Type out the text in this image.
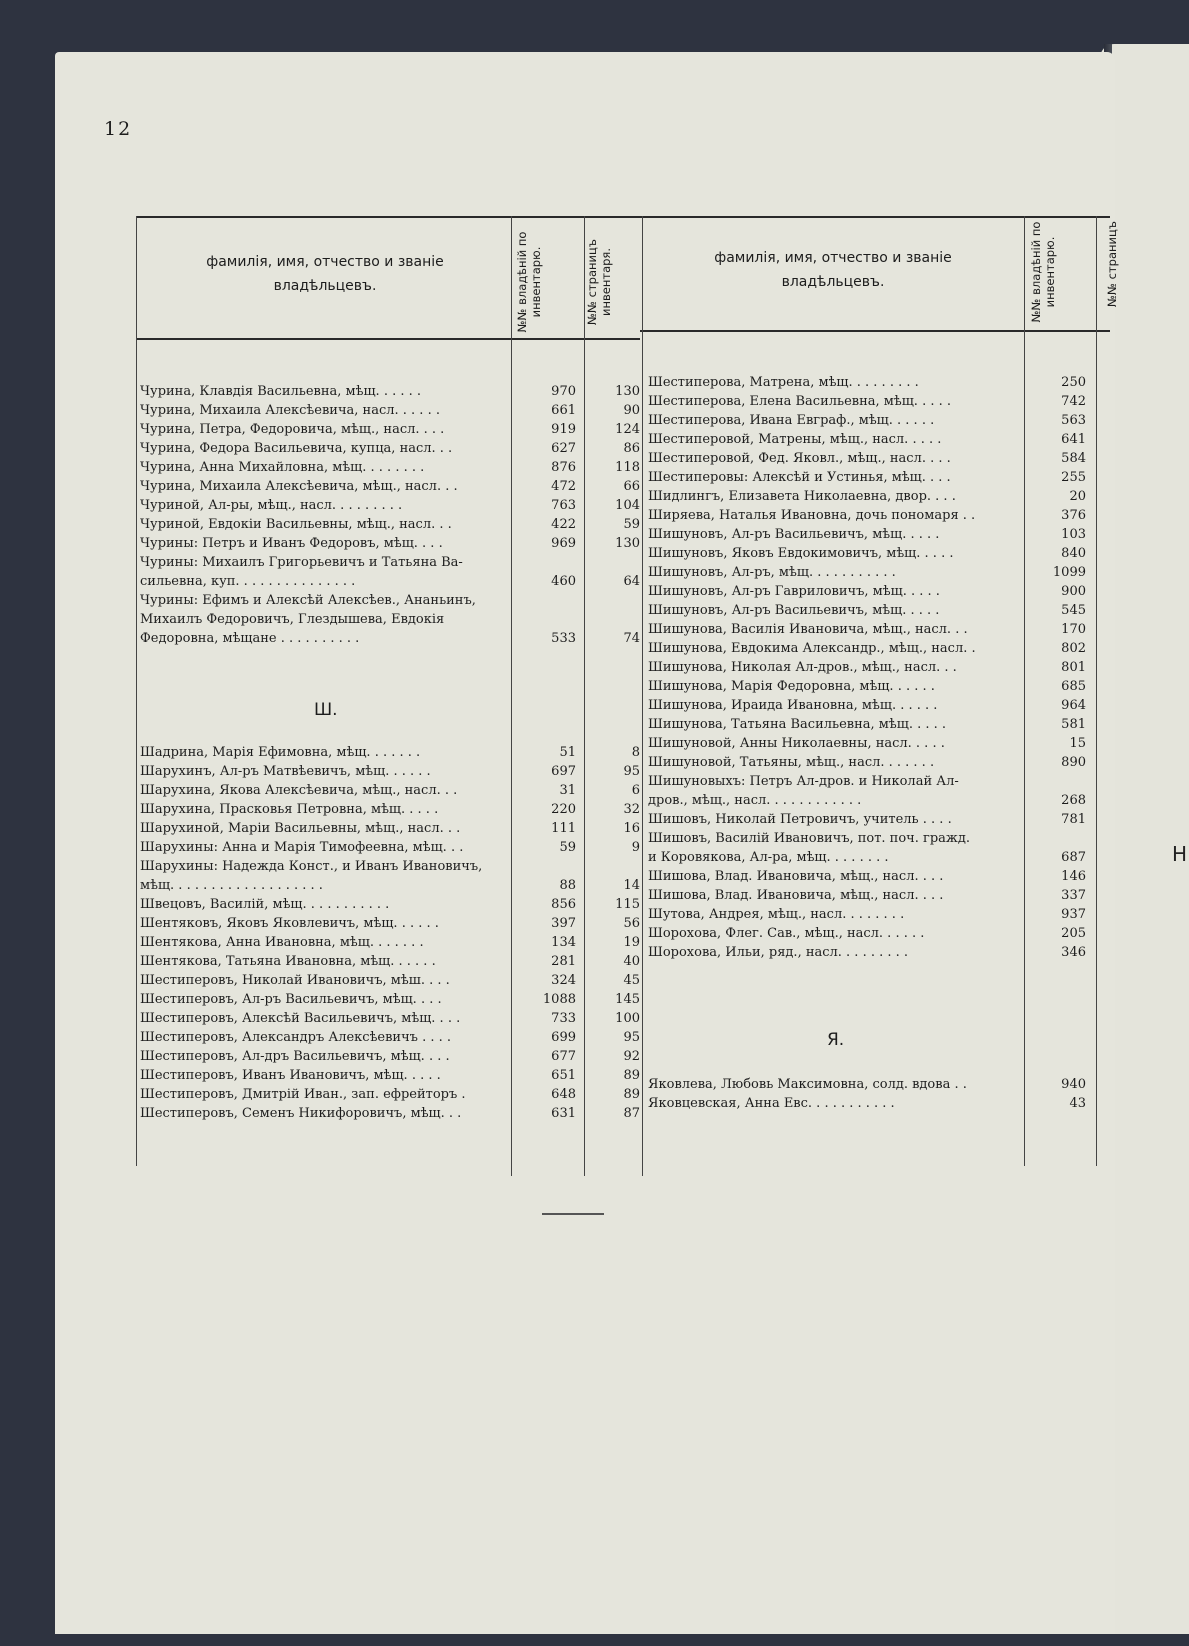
Н
12
фамилія, имя, отчество и званіе владѣльцевъ.	№№ владѣній по инвентарю.	№№ страницъ инвентаря.	фамилія, имя, отчество и званіе владѣльцевъ.	№№ владѣній по инвентарю.	№№ страницъ
Ш.
Я.
Чурина, Клавдія Васильевна, мѣщ. . . . . .	970	130
Чурина, Михаила Алексѣевича, насл. . . . . .	661	90
Чурина, Петра, Федоровича, мѣщ., насл. . . .	919	124
Чурина, Федора Васильевича, купца, насл. . .	627	86
Чурина, Анна Михайловна, мѣщ. . . . . . . .	876	118
Чурина, Михаила Алексѣевича, мѣщ., насл. . .	472	66
Чуриной, Ал-ры, мѣщ., насл. . . . . . . . .	763	104
Чуриной, Евдокіи Васильевны, мѣщ., насл. . .	422	59
Чурины: Петръ и Иванъ Федоровъ, мѣщ. . . .	969	130
Чурины: Михаилъ Григорьевичъ и Татьяна Ва-
сильевна, куп. . . . . . . . . . . . . . .	460	64
Чурины: Ефимъ и Алексѣй Алексѣев., Ананьинъ,
Михаилъ Федоровичъ, Глездышева, Евдокія
Федоровна, мѣщане . . . . . . . . . .	533	74
Шадрина, Марія Ефимовна, мѣщ. . . . . . .	51	8
Шарухинъ, Ал-ръ Матвѣевичъ, мѣщ. . . . . .	697	95
Шарухина, Якова Алексѣевича, мѣщ., насл. . .	31	6
Шарухина, Прасковья Петровна, мѣщ. . . . .	220	32
Шарухиной, Маріи Васильевны, мѣщ., насл. . .	111	16
Шарухины: Анна и Марія Тимофеевна, мѣщ. . .	59	9
Шарухины: Надежда Конст., и Иванъ Ивановичъ,
мѣщ. . . . . . . . . . . . . . . . . . .	88	14
Швецовъ, Василій, мѣщ. . . . . . . . . . .	856	115
Шентяковъ, Яковъ Яковлевичъ, мѣщ. . . . . .	397	56
Шентякова, Анна Ивановна, мѣщ. . . . . . .	134	19
Шентякова, Татьяна Ивановна, мѣщ. . . . . .	281	40
Шестиперовъ, Николай Ивановичъ, мѣш. . . .	324	45
Шестиперовъ, Ал-ръ Васильевичъ, мѣщ. . . .	1088	145
Шестиперовъ, Алексѣй Васильевичъ, мѣщ. . . .	733	100
Шестиперовъ, Александръ Алексѣевичъ . . . .	699	95
Шестиперовъ, Ал-дръ Васильевичъ, мѣщ. . . .	677	92
Шестиперовъ, Иванъ Ивановичъ, мѣщ. . . . .	651	89
Шестиперовъ, Дмитрій Иван., зап. ефрейторъ .	648	89
Шестиперовъ, Семенъ Никифоровичъ, мѣщ. . .	631	87
Шестиперова, Матрена, мѣщ. . . . . . . . .	250
Шестиперова, Елена Васильевна, мѣщ. . . . .	742
Шестиперова, Ивана Евграф., мѣщ. . . . . .	563
Шестиперовой, Матрены, мѣщ., насл. . . . .	641
Шестиперовой, Фед. Яковл., мѣщ., насл. . . .	584
Шестиперовы: Алексѣй и Устинья, мѣщ. . . .	255
Шидлингъ, Елизавета Николаевна, двор. . . .	20
Ширяева, Наталья Ивановна, дочь пономаря . .	376
Шишуновъ, Ал-ръ Васильевичъ, мѣщ. . . . .	103
Шишуновъ, Яковъ Евдокимовичъ, мѣщ. . . . .	840
Шишуновъ, Ал-ръ, мѣщ. . . . . . . . . . .	1099
Шишуновъ, Ал-ръ Гавриловичъ, мѣщ. . . . .	900
Шишуновъ, Ал-ръ Васильевичъ, мѣщ. . . . .	545
Шишунова, Василія Ивановича, мѣщ., насл. . .	170
Шишунова, Евдокима Александр., мѣщ., насл. .	802
Шишунова, Николая Ал-дров., мѣщ., насл. . .	801
Шишунова, Марія Федоровна, мѣщ. . . . . .	685
Шишунова, Ираида Ивановна, мѣщ. . . . . .	964
Шишунова, Татьяна Васильевна, мѣщ. . . . .	581
Шишуновой, Анны Николаевны, насл. . . . .	15
Шишуновой, Татьяны, мѣщ., насл. . . . . . .	890
Шишуновыхъ: Петръ Ал-дров. и Николай Ал-
дров., мѣщ., насл. . . . . . . . . . . .	268
Шишовъ, Николай Петровичъ, учитель . . . .	781
Шишовъ, Василій Ивановичъ, пот. поч. гражд.
и Коровякова, Ал-ра, мѣщ. . . . . . . .	687
Шишова, Влад. Ивановича, мѣщ., насл. . . .	146
Шишова, Влад. Ивановича, мѣщ., насл. . . .	337
Шутова, Андрея, мѣщ., насл. . . . . . . .	937
Шорохова, Флег. Сав., мѣщ., насл. . . . . .	205
Шорохова, Ильи, ряд., насл. . . . . . . . .	346
Яковлева, Любовь Максимовна, солд. вдова . .	940
Яковцевская, Анна Евс. . . . . . . . . . .	43
